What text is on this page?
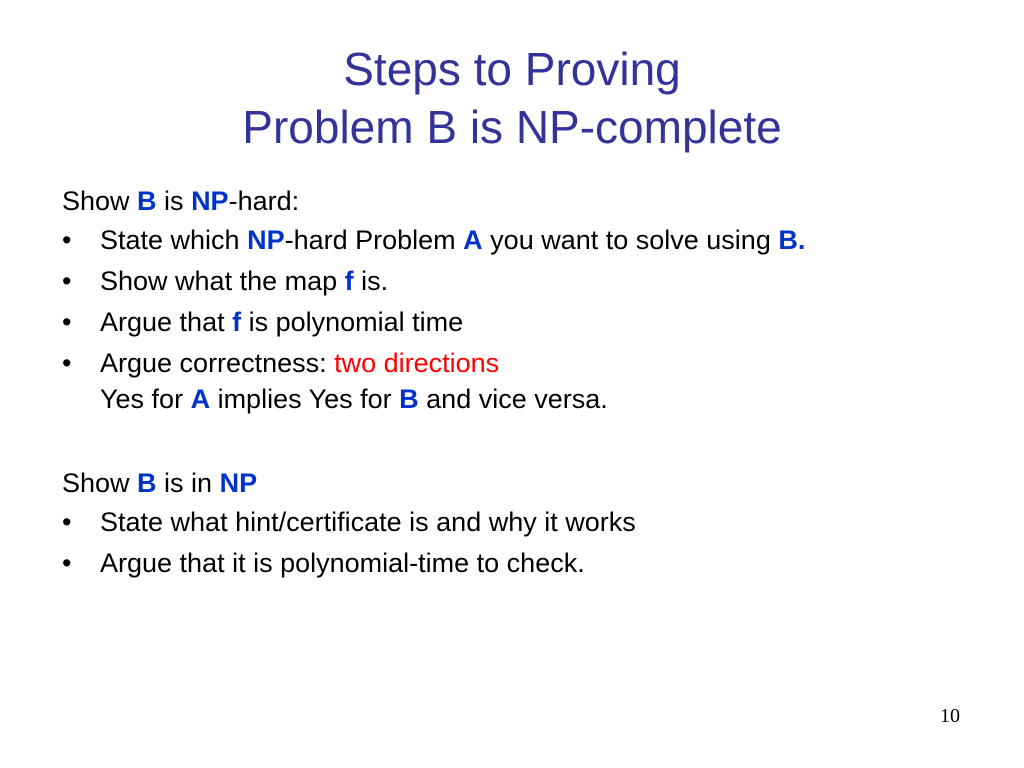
Steps to Proving
Problem B is NP-complete
Show B is NP-hard:
• State which NP-hard Problem A you want to solve using B.
• Show what the map f is.
• Argue that f is polynomial time
• Argue correctness: two directions
Yes for A implies Yes for B and vice versa.
Show B is in NP
• State what hint/certificate is and why it works
• Argue that it is polynomial-time to check.
10
